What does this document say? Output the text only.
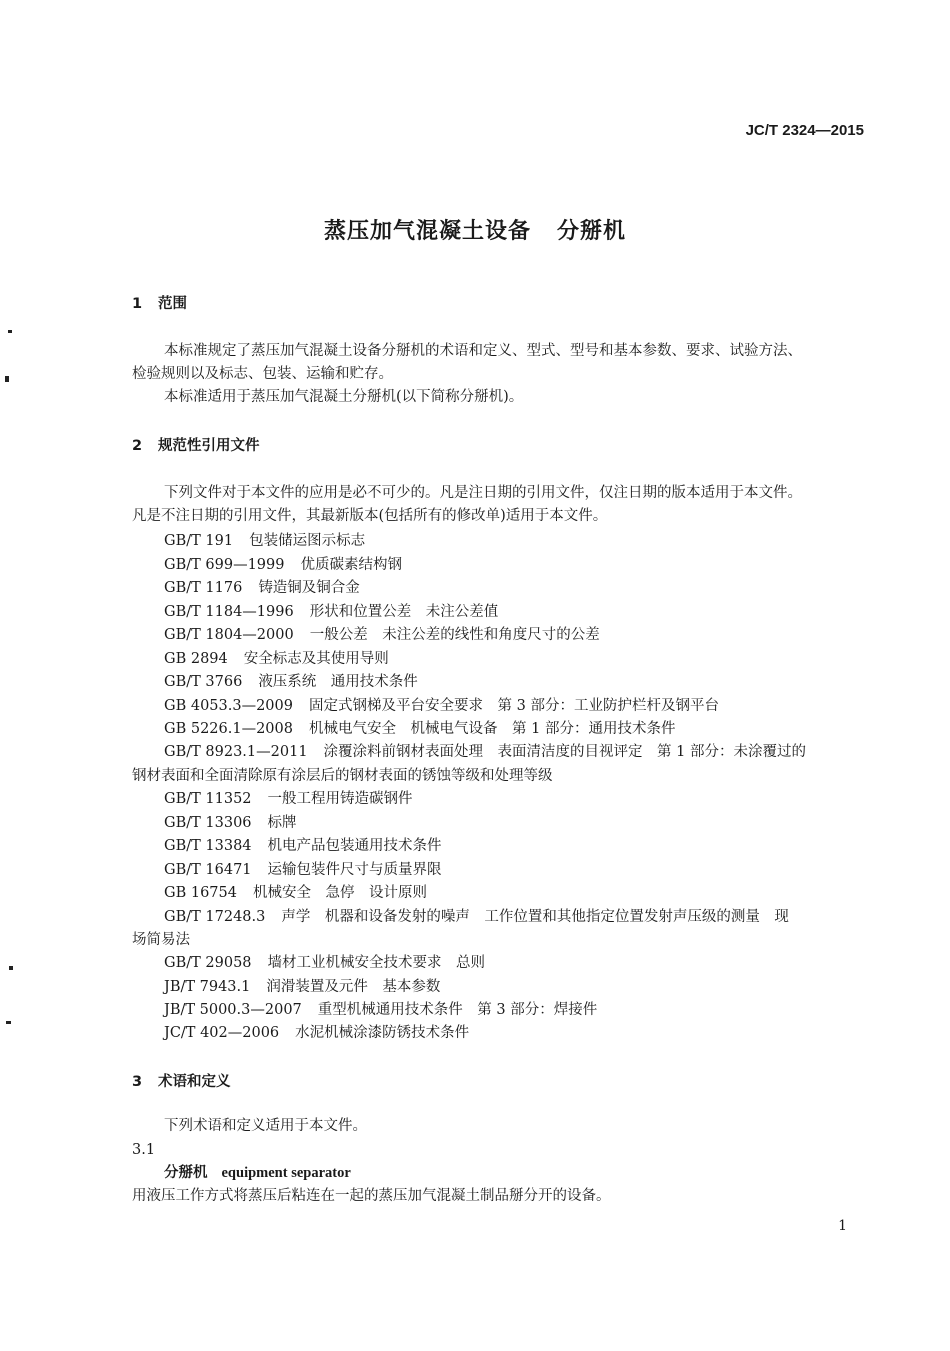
JC/T 2324—2015
蒸压加气混凝土设备 分掰机
1 范围
本标准规定了蒸压加气混凝土设备分掰机的术语和定义、型式、型号和基本参数、要求、试验方法、
检验规则以及标志、包装、运输和贮存。
本标准适用于蒸压加气混凝土分掰机(以下简称分掰机)。
2 规范性引用文件
下列文件对于本文件的应用是必不可少的。凡是注日期的引用文件，仅注日期的版本适用于本文件。
凡是不注日期的引用文件，其最新版本(包括所有的修改单)适用于本文件。
GB/T 191 包装储运图示标志
GB/T 699—1999 优质碳素结构钢
GB/T 1176 铸造铜及铜合金
GB/T 1184—1996 形状和位置公差　未注公差值
GB/T 1804—2000 一般公差　未注公差的线性和角度尺寸的公差
GB 2894 安全标志及其使用导则
GB/T 3766 液压系统　通用技术条件
GB 4053.3—2009 固定式钢梯及平台安全要求　第 3 部分：工业防护栏杆及钢平台
GB 5226.1—2008 机械电气安全　机械电气设备　第 1 部分：通用技术条件
GB/T 8923.1—2011 涂覆涂料前钢材表面处理　表面清洁度的目视评定　第 1 部分：未涂覆过的
钢材表面和全面清除原有涂层后的钢材表面的锈蚀等级和处理等级
GB/T 11352 一般工程用铸造碳钢件
GB/T 13306 标牌
GB/T 13384 机电产品包装通用技术条件
GB/T 16471 运输包装件尺寸与质量界限
GB 16754 机械安全　急停　设计原则
GB/T 17248.3 声学　机器和设备发射的噪声　工作位置和其他指定位置发射声压级的测量　现
场简易法
GB/T 29058 墙材工业机械安全技术要求　总则
JB/T 7943.1 润滑装置及元件　基本参数
JB/T 5000.3—2007 重型机械通用技术条件　第 3 部分：焊接件
JC/T 402—2006 水泥机械涂漆防锈技术条件
3 术语和定义
下列术语和定义适用于本文件。
3.1
分掰机 equipment separator
用液压工作方式将蒸压后粘连在一起的蒸压加气混凝土制品掰分开的设备。
1
